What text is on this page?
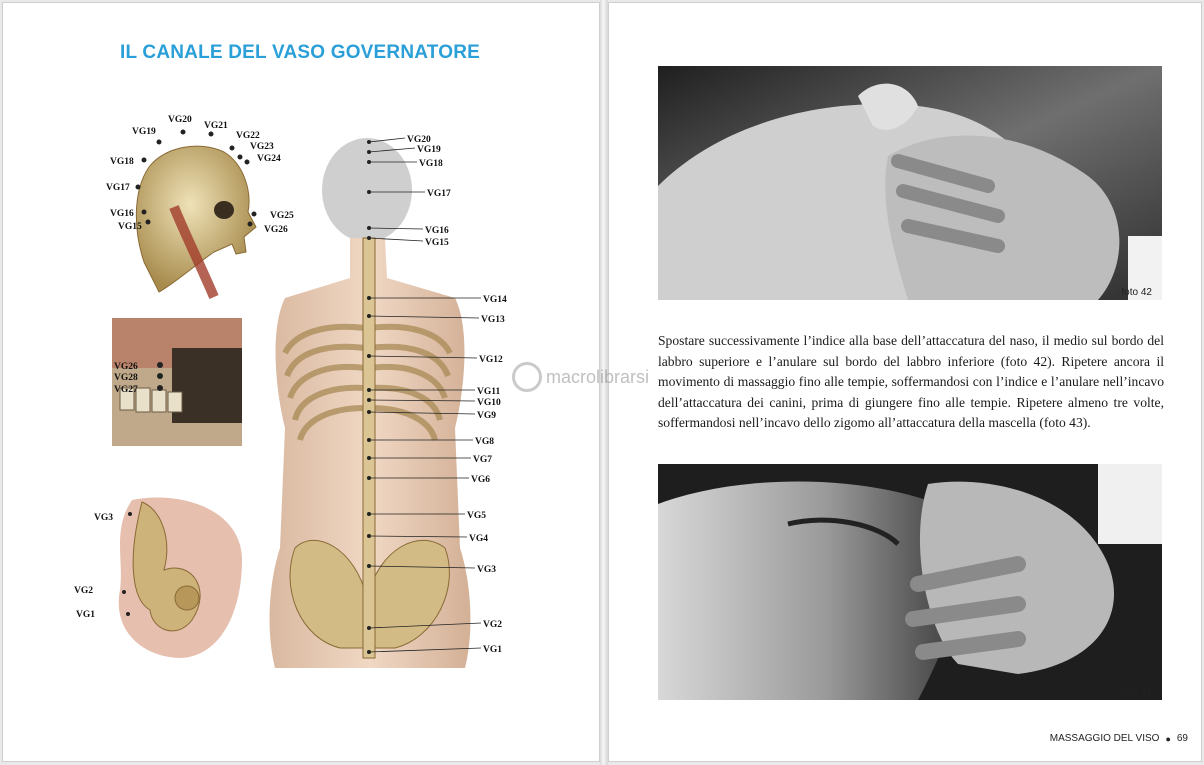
IL CANALE DEL VASO GOVERNATORE
VG20
VG21
VG19	VG22
VG23
VG24
VG18
VG17
VG16
VG15
VG25
VG26
VG26
VG28
VG27
VG3
VG2
VG1
VG20
VG19
VG18
VG17
VG16
VG15
VG14
VG13
VG12
VG11
VG10
VG9
VG8
VG7
VG6
VG5
VG4
VG3
VG2
VG1
foto 42

Spostare successivamente l’indice alla base dell’attaccatura del naso, il medio sul bordo del labbro superiore e l’anulare sul bordo del labbro inferiore (foto 42). Ripetere ancora il movimento di massaggio fino alle tempie, soffermandosi con l’indice e l’anulare nell’incavo dell’attaccatura dei canini, prima di giungere fino alle tempie. Ripetere almeno tre volte, soffermandosi nell’incavo dello zigomo all’attaccatura della mascella (foto 43).

macrolibrarsi
foto 43
MASSAGGIO DEL VISO ● 69
